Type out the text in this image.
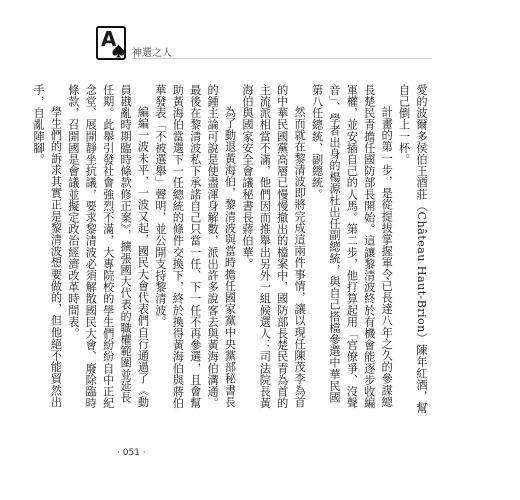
A
神選之人

愛的波爾多侯伯王酒莊（Château Haut-Brion）陳年紅酒，幫自己倒上一杯。

計畫的第一步，是從提拔掌握軍令已長達八年之久的參謀總長楚民青擔任國防部長開始。這讓黎清波終於有機會能逐步收編軍權，並安插自己的人馬。第二步，他打算起用「官僚爭、沒聲音」、學者出身的楊源杜出任副總統，與自己搭檔參選中華民國第八任總統、副總統。

然而就在黎清波即將完成這兩件事情，讓以現任陳茂李為首的中華民國黨高層已慢慢撤出的檔案中，國防部長楚民青為首的主流派相當不滿，他們因而推舉出另外一組候選人：司法院長黃海伯與國家安全會議秘書長蔣伯華。

為了動退黃海伯，黎清波與當時擔任國家黨中央黨部秘書長的鍾主論可說是使盡渾身解數，派出許多說客去與黃海伯溝通。最後在黎清波私下承諾自己只當一任、下一任不再參選，且會幫助黃海伯當選下一任總統的條件交換下，終於換得黃海伯與蔣伯華發表「不被選舉」聲明，並公開支持黎清波。

編編一波未平，一波又起，國民大會代表們自行通過了《動員戡亂時期臨時條款修正案》，擴張國大代表的職權範圍並延長任期。此舉引發社會強烈不滿，大專院校的學生們紛紛自中正紀念堂、展開靜坐抗議，要求黎清波必須解散國民大會、廢除臨時條款，召開國是會議並擬定政治經濟改革時間表。

學生們的訴求其實正是黎清波想要做的，但他絕不能貿然出手，自亂陣腳。

· 051 ·
